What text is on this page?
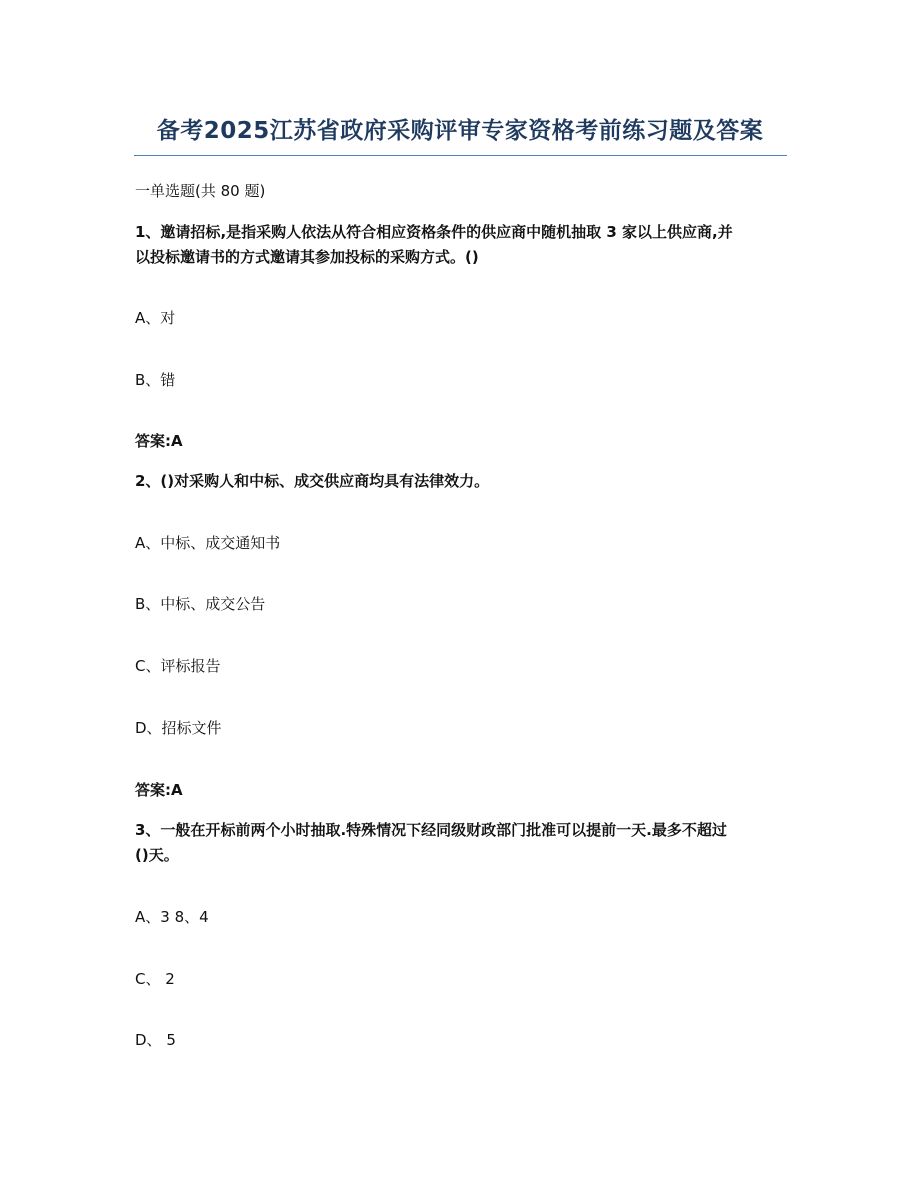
备考2025江苏省政府采购评审专家资格考前练习题及答案
一单选题(共 80 题)
1、邀请招标,是指采购人依法从符合相应资格条件的供应商中随机抽取 3 家以上供应商,并
以投标邀请书的方式邀请其参加投标的采购方式。()
A、对
B、错
答案:A
2、()对采购人和中标、成交供应商均具有法律效力。
A、中标、成交通知书
B、中标、成交公告
C、评标报告
D、招标文件
答案:A
3、一般在开标前两个小时抽取.特殊情况下经同级财政部门批准可以提前一天.最多不超过
()天。
A、3 8、4
C、 2
D、 5
